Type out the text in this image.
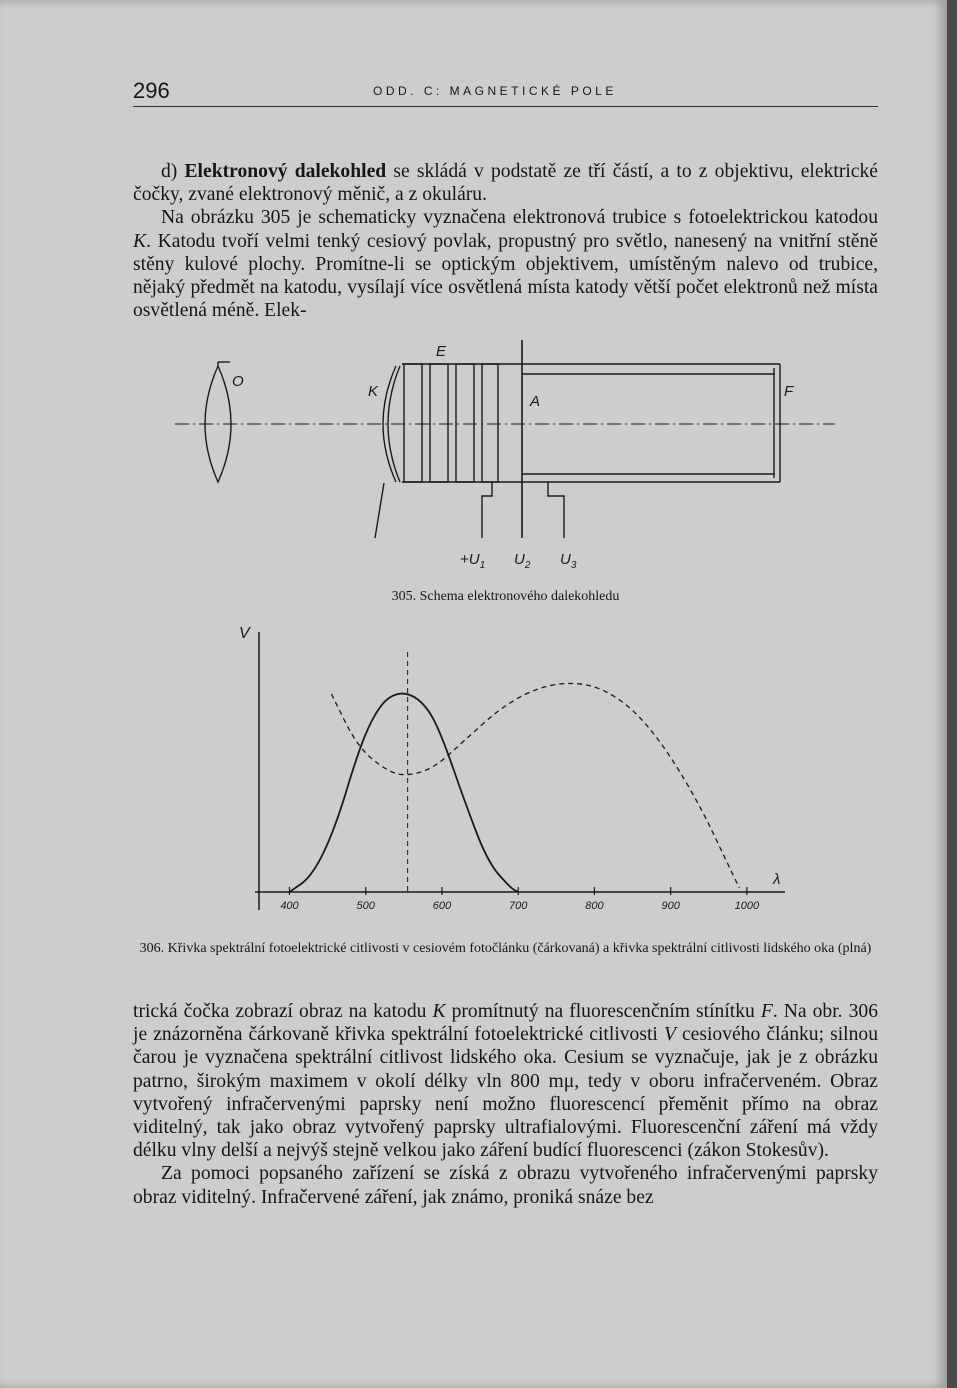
296	ODD. C: MAGNETICKÉ POLE

d) Elektronový dalekohled se skládá v podstatě ze tří částí, a to z objektivu, elektrické čočky, zvané elektronový měnič, a z okuláru.

Na obrázku 305 je schematicky vyznačena elektronová trubice s fotoelektrickou katodou K. Katodu tvoří velmi tenký cesiový povlak, propustný pro světlo, nanesený na vnitřní stěně stěny kulové plochy. Promítne-li se optickým objektivem, umístěným nalevo od trubice, nějaký předmět na katodu, vysílají více osvětlená místa katody větší počet elektronů než místa osvětlená méně. Elek-

O
K
E
A
F
$+U_1$ $U_2$ $U_3$
305. Schema elektronového dalekohledu
400	500	600	700	800	900	1000
V
λ
306. Křivka spektrální fotoelektrické citlivosti v cesiovém fotočlánku (čárkovaná) a křivka spektrální citlivosti lidského oka (plná)

trická čočka zobrazí obraz na katodu K promítnutý na fluorescenčním stínítku F. Na obr. 306 je znázorněna čárkovaně křivka spektrální fotoelektrické citlivosti V cesiového článku; silnou čarou je vyznačena spektrální citlivost lidského oka. Cesium se vyznačuje, jak je z obrázku patrno, širokým maximem v okolí délky vln 800 mμ, tedy v oboru infračerveném. Obraz vytvořený infračervenými paprsky není možno fluorescencí přeměnit přímo na obraz viditelný, tak jako obraz vytvořený paprsky ultrafialovými. Fluorescenční záření má vždy délku vlny delší a nejvýš stejně velkou jako záření budící fluorescenci (zákon Stokesův).

Za pomoci popsaného zařízení se získá z obrazu vytvořeného infračervenými paprsky obraz viditelný. Infračervené záření, jak známo, proniká snáze bez
